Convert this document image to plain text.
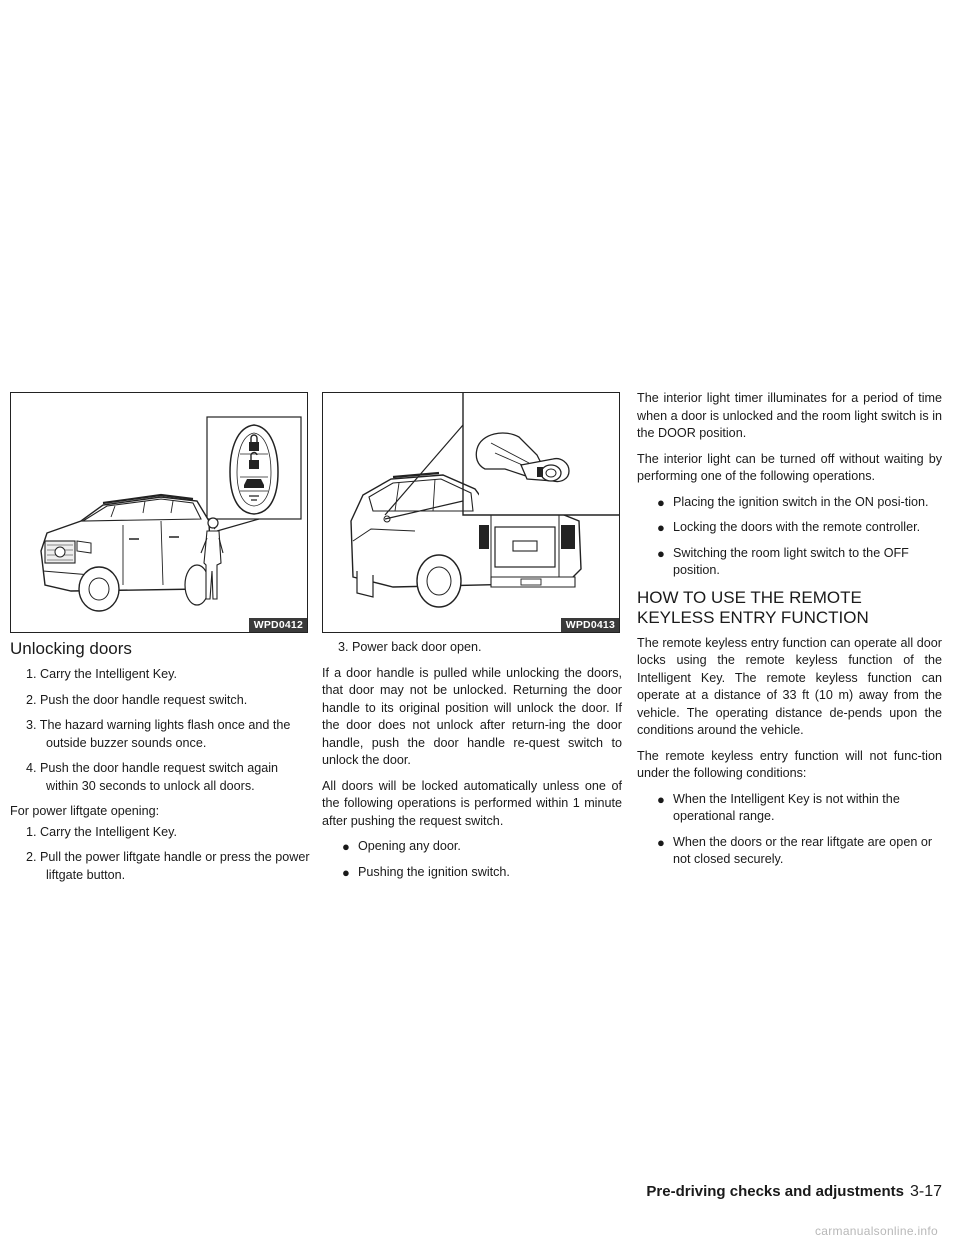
WPD0412
Unlocking doors
1. Carry the Intelligent Key.
2. Push the door handle request switch.
3. The hazard warning lights flash once and the outside buzzer sounds once.
4. Push the door handle request switch again within 30 seconds to unlock all doors.

For power liftgate opening:

1. Carry the Intelligent Key.
2. Pull the power liftgate handle or press the power liftgate button.
WPD0413
3. Power back door open.

If a door handle is pulled while unlocking the doors, that door may not be unlocked. Returning the door handle to its original position will unlock the door. If the door does not unlock after return-ing the door handle, push the door handle re-quest switch to unlock the door.

All doors will be locked automatically unless one of the following operations is performed within 1 minute after pushing the request switch.

● Opening any door.
● Pushing the ignition switch.

The interior light timer illuminates for a period of time when a door is unlocked and the room light switch is in the DOOR position.

The interior light can be turned off without waiting by performing one of the following operations.

● Placing the ignition switch in the ON posi-tion.
● Locking the doors with the remote controller.
● Switching the room light switch to the OFF position.
HOW TO USE THE REMOTE KEYLESS ENTRY FUNCTION

The remote keyless entry function can operate all door locks using the remote keyless function of the Intelligent Key. The remote keyless function can operate at a distance of 33 ft (10 m) away from the vehicle. The operating distance de-pends upon the conditions around the vehicle.

The remote keyless entry function will not func-tion under the following conditions:

● When the Intelligent Key is not within the operational range.
● When the doors or the rear liftgate are open or not closed securely.
Pre-driving checks and adjustments 3-17
carmanualsonline.info
